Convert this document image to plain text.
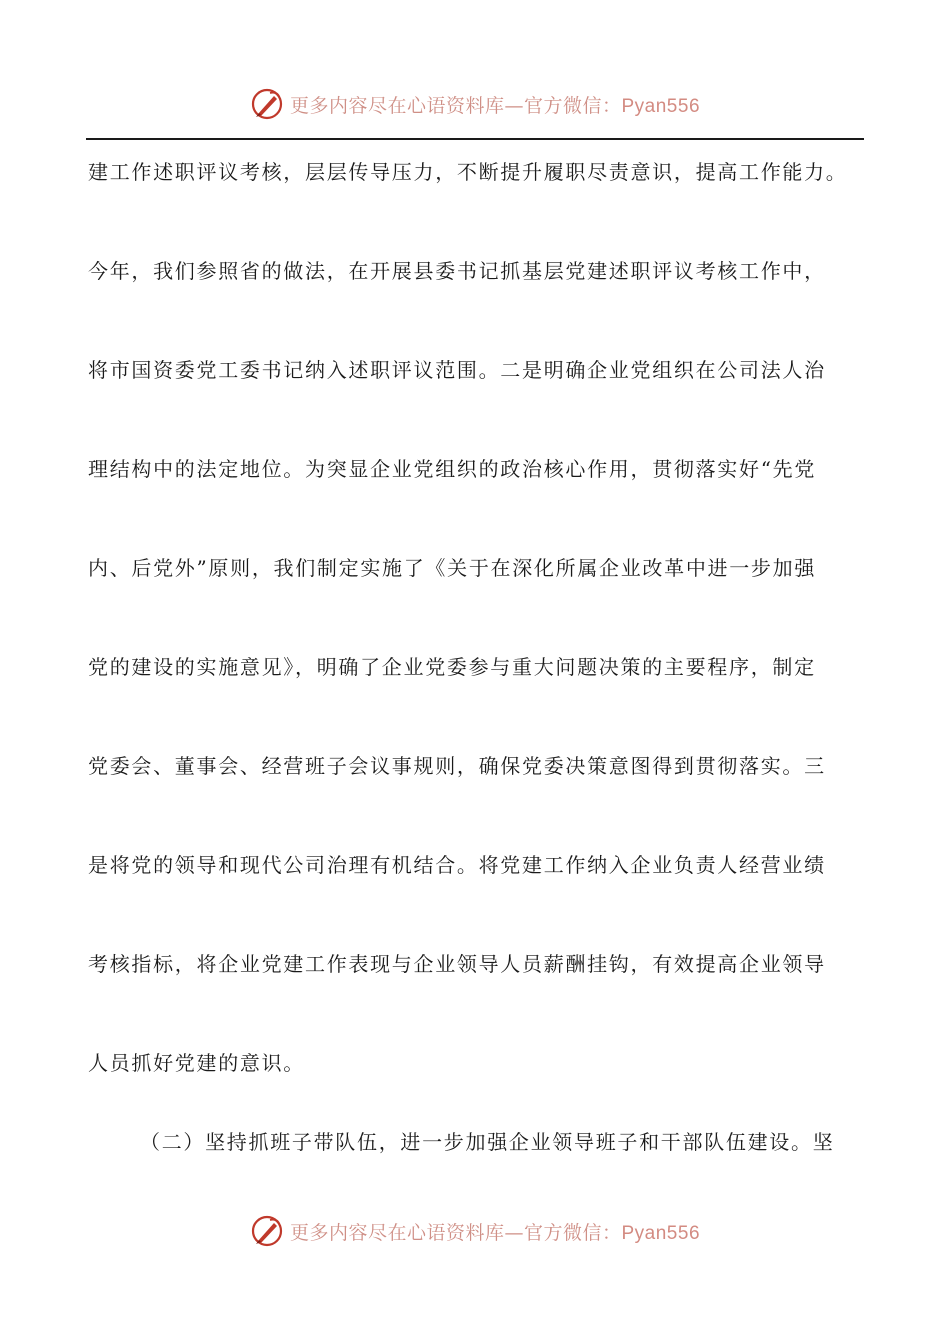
更多内容尽在心语资料库—官方微信：Pyan556
建工作述职评议考核，层层传导压力，不断提升履职尽责意识，提高工作能力。
今年，我们参照省的做法，在开展县委书记抓基层党建述职评议考核工作中，
将市国资委党工委书记纳入述职评议范围。二是明确企业党组织在公司法人治
理结构中的法定地位。为突显企业党组织的政治核心作用，贯彻落实好“先党
内、后党外”原则，我们制定实施了《关于在深化所属企业改革中进一步加强
党的建设的实施意见》，明确了企业党委参与重大问题决策的主要程序，制定
党委会、董事会、经营班子会议事规则，确保党委决策意图得到贯彻落实。三
是将党的领导和现代公司治理有机结合。将党建工作纳入企业负责人经营业绩
考核指标，将企业党建工作表现与企业领导人员薪酬挂钩，有效提高企业领导
人员抓好党建的意识。
（二）坚持抓班子带队伍，进一步加强企业领导班子和干部队伍建设。坚
更多内容尽在心语资料库—官方微信：Pyan556
